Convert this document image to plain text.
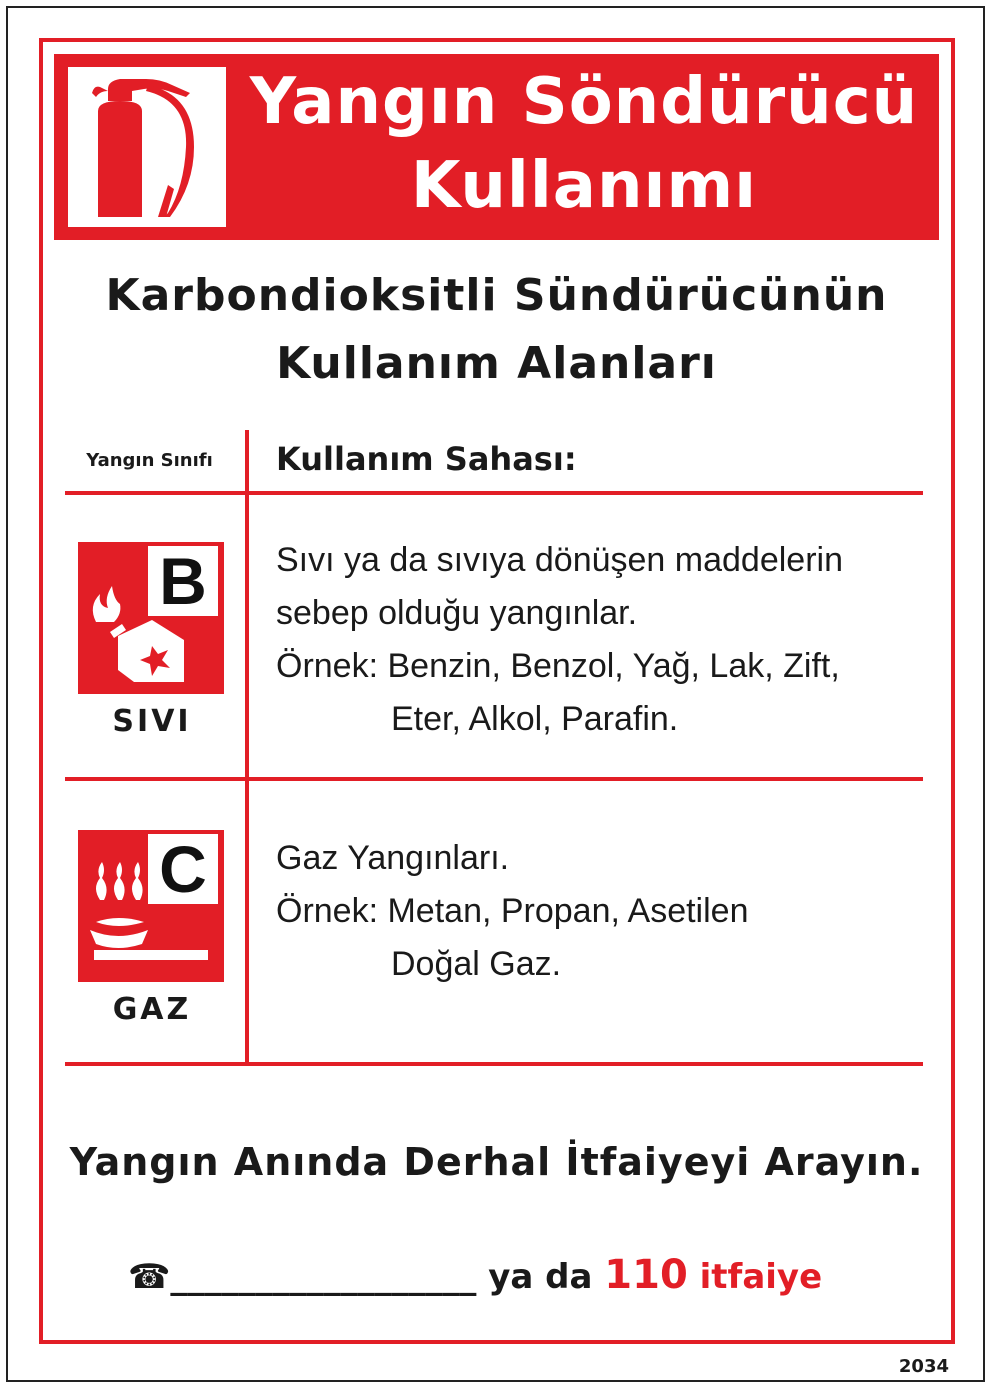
Yangın Söndürücü
Kullanımı
Karbondioksitli Sündürücünün
Kullanım Alanları
Yangın Sınıfı	Kullanım Sahası:
B
SIVI
Sıvı ya da sıvıya dönüşen maddelerin
sebep olduğu yangınlar.
Örnek: Benzin, Benzol, Yağ, Lak, Zift,
Eter, Alkol, Parafin.
C
GAZ
Gaz Yangınları.
Örnek: Metan, Propan, Asetilen
Doğal Gaz.
Yangın Anında Derhal İtfaiyeyi Arayın.
☎__________________ ya da 110 itfaiye
2034
